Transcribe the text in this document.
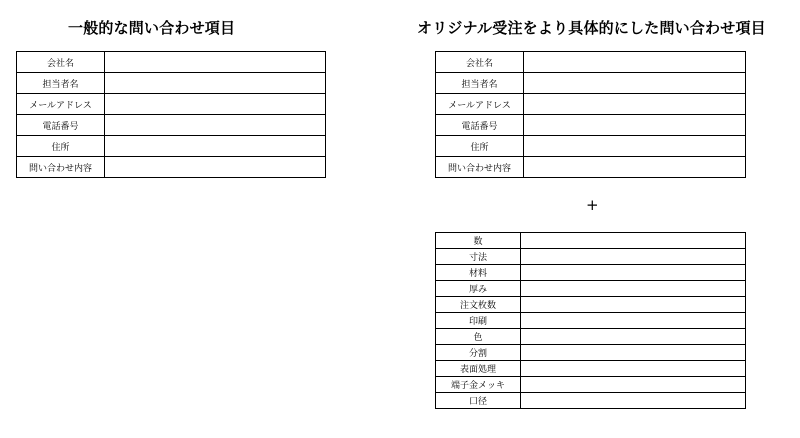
一般的な問い合わせ項目
会社名	
担当者名	
メールアドレス	
電話番号	
住所	
問い合わせ内容	
オリジナル受注をより具体的にした問い合わせ項目
会社名	
担当者名	
メールアドレス	
電話番号	
住所	
問い合わせ内容	
+
数	
寸法	
材料	
厚み	
注文枚数	
印刷	
色	
分割	
表面処理	
端子金メッキ	
口径	
